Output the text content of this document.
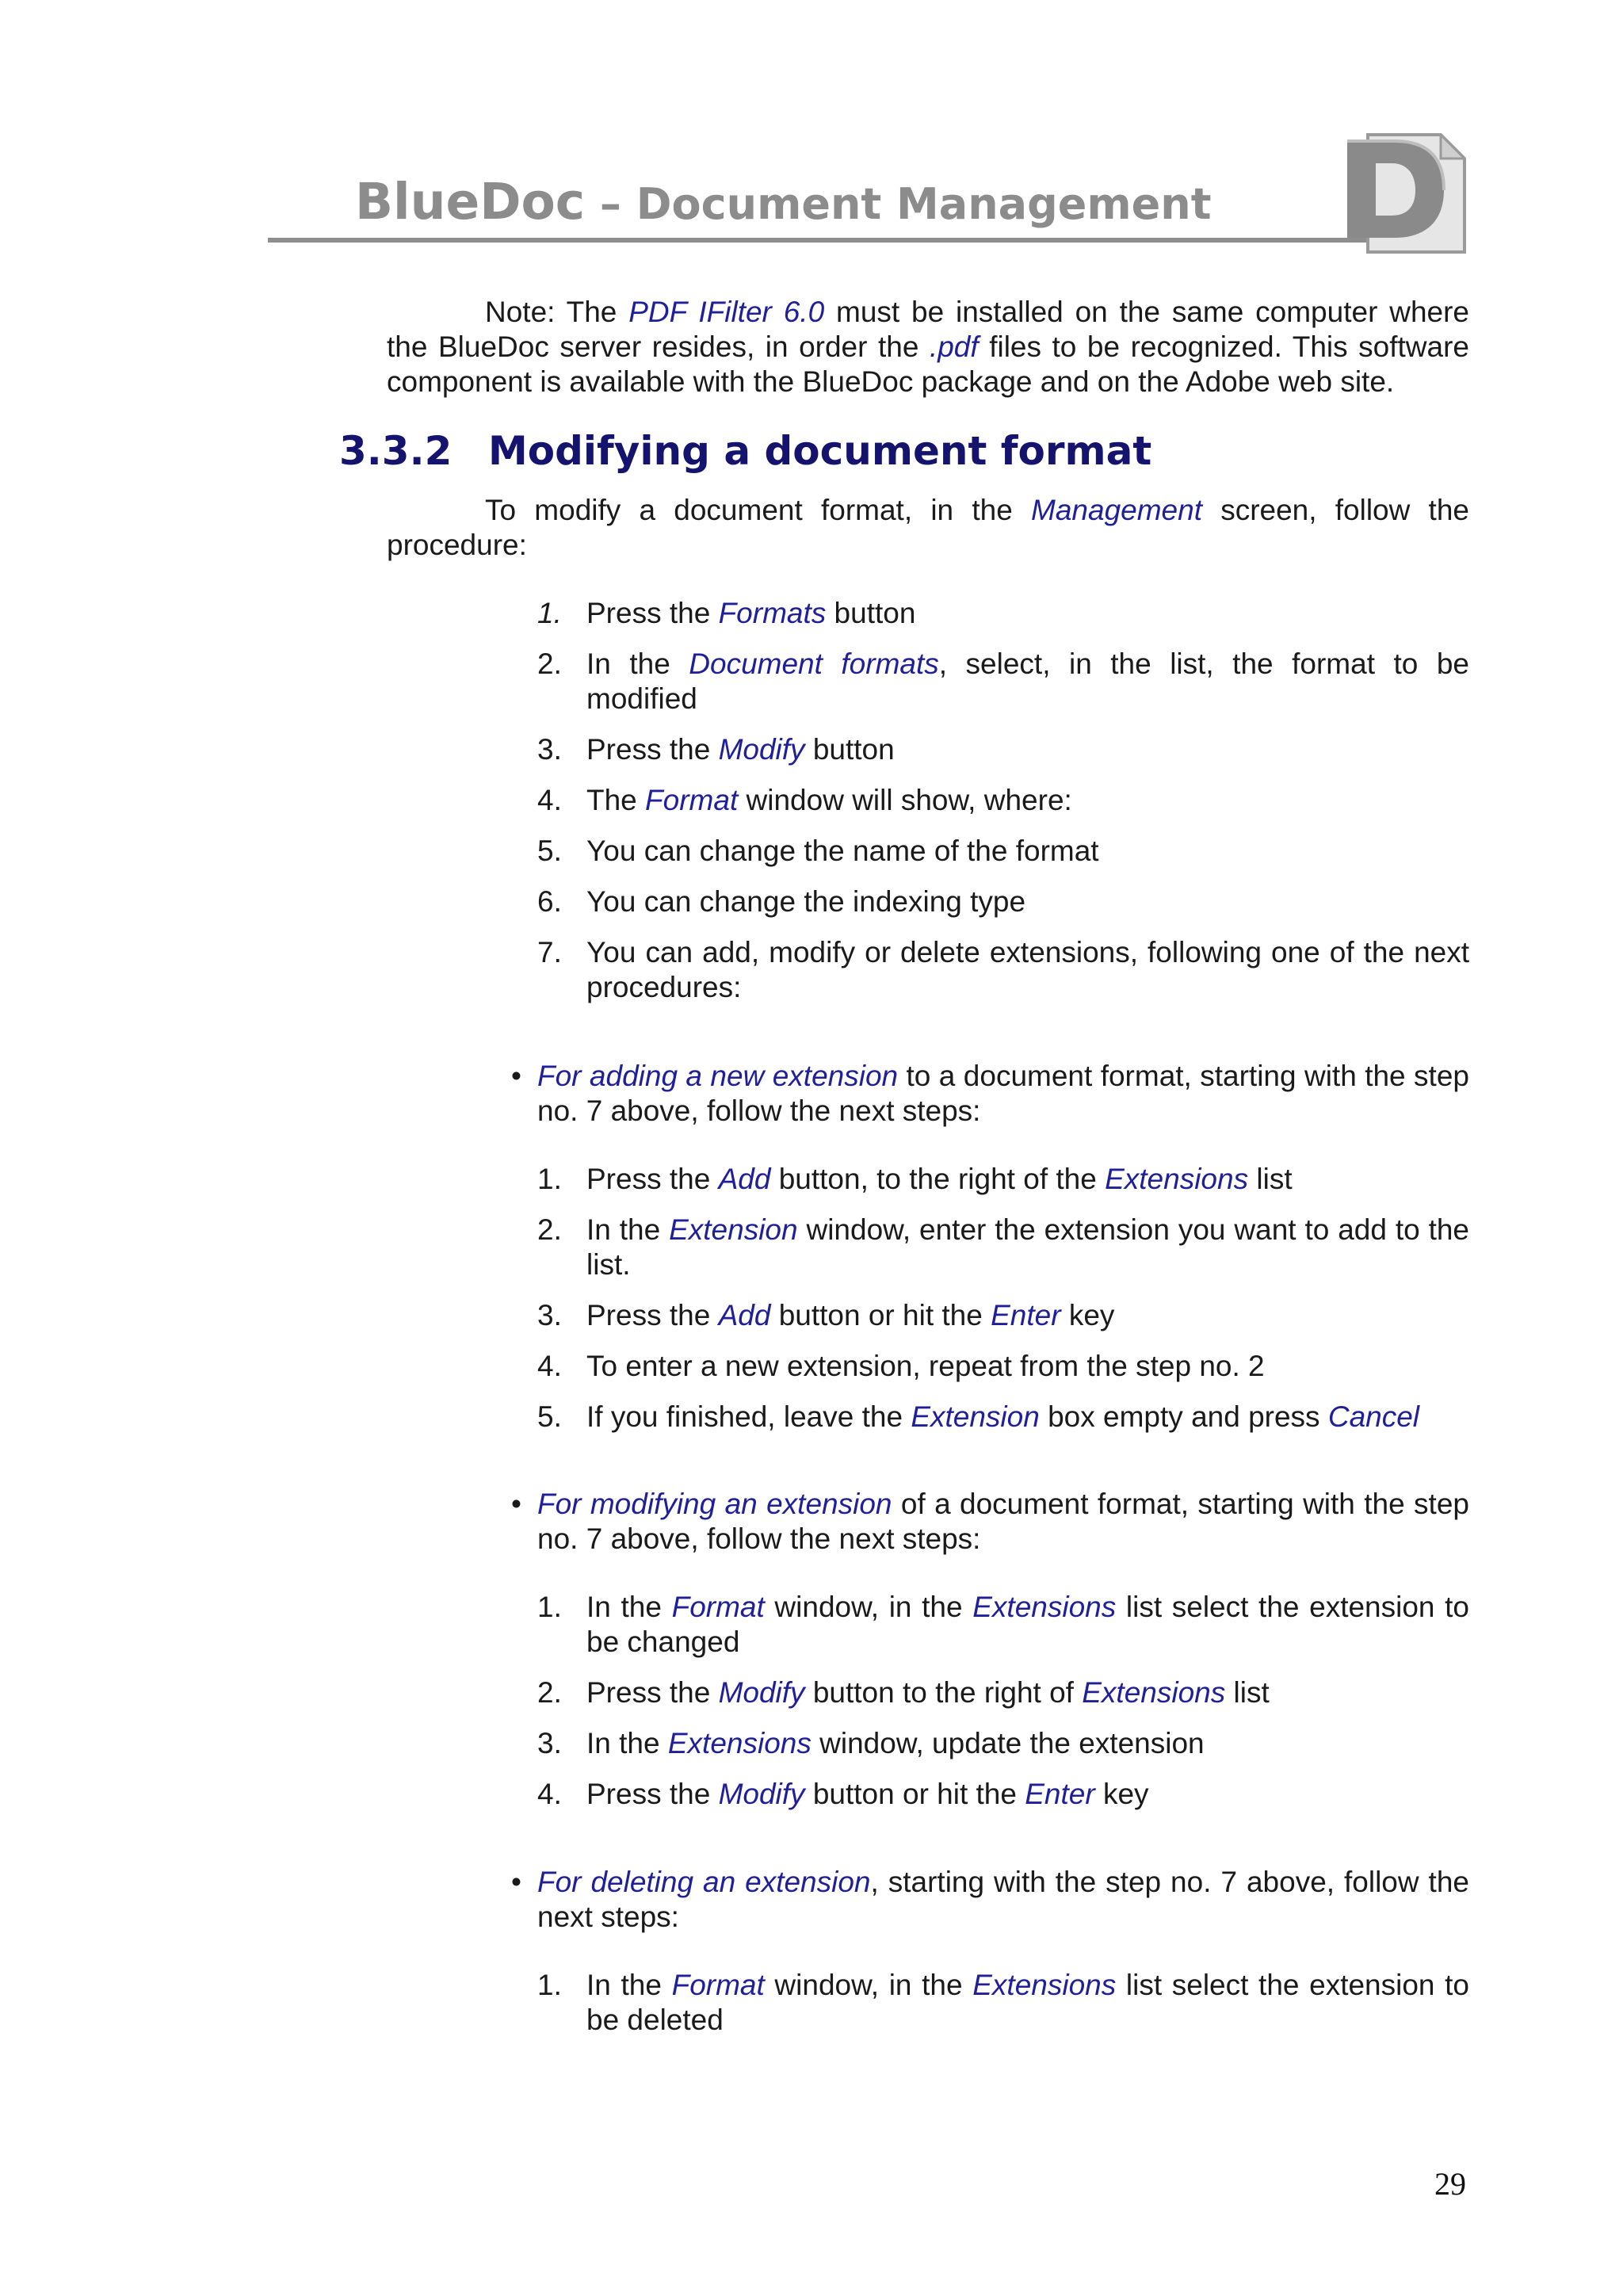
BlueDoc – Document Management
Note: The PDF IFilter 6.0 must be installed on the same computer where the BlueDoc server resides, in order the .pdf files to be recognized. This software component is available with the BlueDoc package and on the Adobe web site.
3.3.2 Modifying a document format
To modify a document format, in the Management screen, follow the procedure:
1. Press the Formats button
2. In the Document formats, select, in the list, the format to be modified
3. Press the Modify button
4. The Format window will show, where:
5. You can change the name of the format
6. You can change the indexing type
7. You can add, modify or delete extensions, following one of the next procedures:
• For adding a new extension to a document format, starting with the step no. 7 above, follow the next steps:
1. Press the Add button, to the right of the Extensions list
2. In the Extension window, enter the extension you want to add to the list.
3. Press the Add button or hit the Enter key
4. To enter a new extension, repeat from the step no. 2
5. If you finished, leave the Extension box empty and press Cancel
• For modifying an extension of a document format, starting with the step no. 7 above, follow the next steps:
1. In the Format window, in the Extensions list select the extension to be changed
2. Press the Modify button to the right of Extensions list
3. In the Extensions window, update the extension
4. Press the Modify button or hit the Enter key
• For deleting an extension, starting with the step no. 7 above, follow the next steps:
1. In the Format window, in the Extensions list select the extension to be deleted
29
